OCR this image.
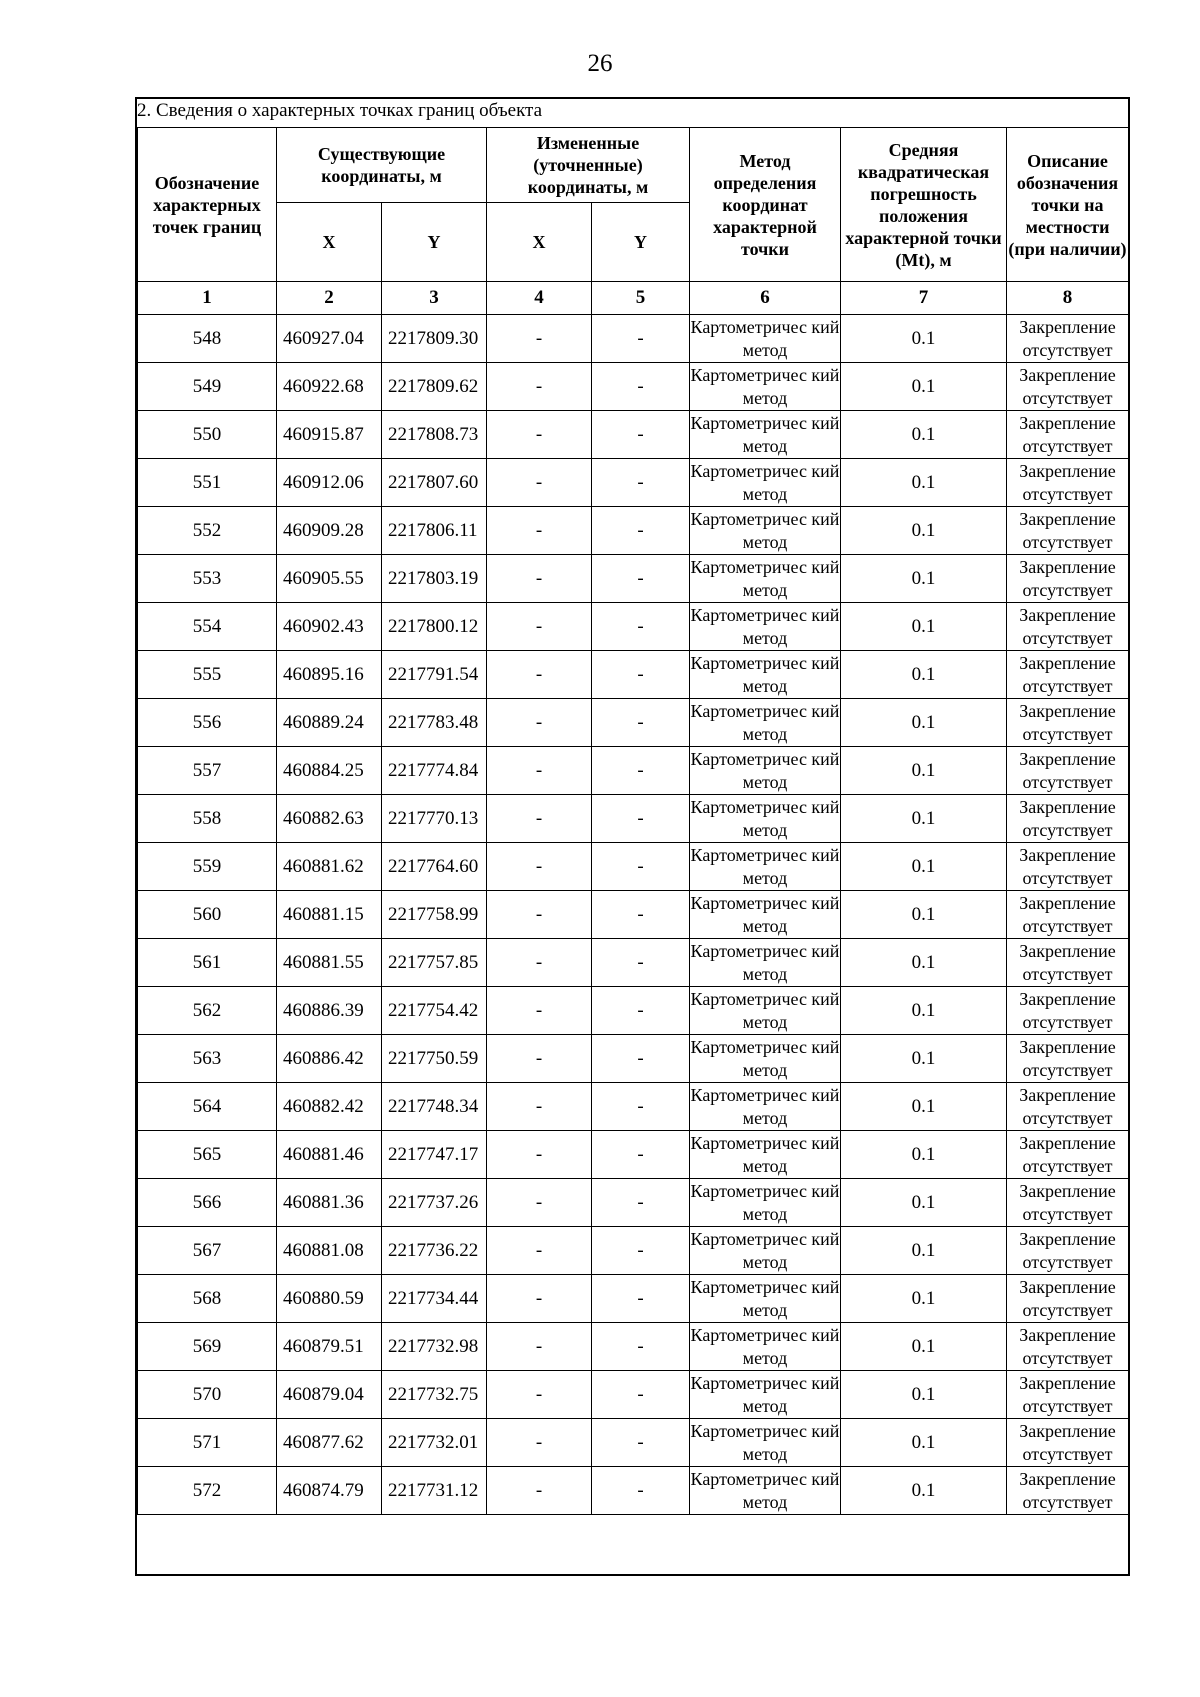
26
2. Сведения о характерных точках границ объекта
Обозначение характерных точек границ	Существующие координаты, м		Измененные (уточненные) координаты, м		Метод определения координат характерной точки	Средняя квадратическая погрешность положения характерной точки (Mt), м	Описание обозначения точки на местности (при наличии)
	X	Y	X	Y			
1	2	3	4	5	6	7	8
548	460927.04	2217809.30	-	-	Картометричес кий метод	0.1	Закрепление отсутствует
549	460922.68	2217809.62	-	-	Картометричес кий метод	0.1	Закрепление отсутствует
550	460915.87	2217808.73	-	-	Картометричес кий метод	0.1	Закрепление отсутствует
551	460912.06	2217807.60	-	-	Картометричес кий метод	0.1	Закрепление отсутствует
552	460909.28	2217806.11	-	-	Картометричес кий метод	0.1	Закрепление отсутствует
553	460905.55	2217803.19	-	-	Картометричес кий метод	0.1	Закрепление отсутствует
554	460902.43	2217800.12	-	-	Картометричес кий метод	0.1	Закрепление отсутствует
555	460895.16	2217791.54	-	-	Картометричес кий метод	0.1	Закрепление отсутствует
556	460889.24	2217783.48	-	-	Картометричес кий метод	0.1	Закрепление отсутствует
557	460884.25	2217774.84	-	-	Картометричес кий метод	0.1	Закрепление отсутствует
558	460882.63	2217770.13	-	-	Картометричес кий метод	0.1	Закрепление отсутствует
559	460881.62	2217764.60	-	-	Картометричес кий метод	0.1	Закрепление отсутствует
560	460881.15	2217758.99	-	-	Картометричес кий метод	0.1	Закрепление отсутствует
561	460881.55	2217757.85	-	-	Картометричес кий метод	0.1	Закрепление отсутствует
562	460886.39	2217754.42	-	-	Картометричес кий метод	0.1	Закрепление отсутствует
563	460886.42	2217750.59	-	-	Картометричес кий метод	0.1	Закрепление отсутствует
564	460882.42	2217748.34	-	-	Картометричес кий метод	0.1	Закрепление отсутствует
565	460881.46	2217747.17	-	-	Картометричес кий метод	0.1	Закрепление отсутствует
566	460881.36	2217737.26	-	-	Картометричес кий метод	0.1	Закрепление отсутствует
567	460881.08	2217736.22	-	-	Картометричес кий метод	0.1	Закрепление отсутствует
568	460880.59	2217734.44	-	-	Картометричес кий метод	0.1	Закрепление отсутствует
569	460879.51	2217732.98	-	-	Картометричес кий метод	0.1	Закрепление отсутствует
570	460879.04	2217732.75	-	-	Картометричес кий метод	0.1	Закрепление отсутствует
571	460877.62	2217732.01	-	-	Картометричес кий метод	0.1	Закрепление отсутствует
572	460874.79	2217731.12	-	-	Картометричес кий метод	0.1	Закрепление отсутствует
